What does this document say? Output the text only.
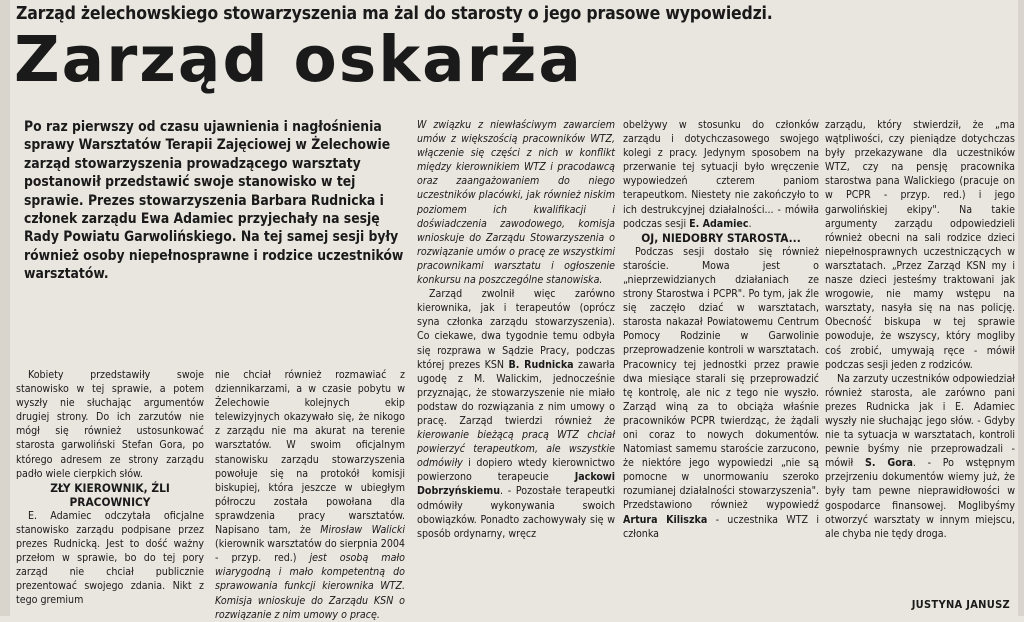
Zarząd żelechowskiego stowarzyszenia ma żal do starosty o jego prasowe wypowiedzi.
Zarząd oskarża

Po raz pierwszy od czasu ujawnienia i nagłośnienia sprawy Warsztatów Terapii Zajęciowej w Żelechowie zarząd stowarzyszenia prowadzącego warsztaty postanowił przedstawić swoje stanowisko w tej sprawie. Prezes stowarzyszenia Barbara Rudnicka i członek zarządu Ewa Adamiec przyjechały na sesję Rady Powiatu Garwolińskiego. Na tej samej sesji były również osoby niepełnosprawne i rodzice uczestników warsztatów.

Kobiety przedstawiły swoje stanowisko w tej sprawie, a potem wyszły nie słuchając argumentów drugiej strony. Do ich zarzutów nie mógł się również ustosunkować starosta garwoliński Stefan Gora, po którego adresem ze strony zarządu padło wiele cierpkich słów.

ZŁY KIEROWNIK, ŹLI PRACOWNICY

E. Adamiec odczytała oficjalne stanowisko zarządu podpisane przez prezes Rudnicką. Jest to dość ważny przełom w sprawie, bo do tej pory zarząd nie chciał publicznie prezentować swojego zdania. Nikt z tego gremium

nie chciał również rozmawiać z dziennikarzami, a w czasie pobytu w Żelechowie kolejnych ekip telewizyjnych okazywało się, że nikogo z zarządu nie ma akurat na terenie warsztatów. W swoim oficjalnym stanowisku zarządu stowarzyszenia powołuje się na protokół komisji biskupiej, która jeszcze w ubiegłym półroczu została powołana dla sprawdzenia pracy warsztatów. Napisano tam, że Mirosław Walicki (kierownik warsztatów do sierpnia 2004 - przyp. red.) jest osobą mało wiarygodną i mało kompetentną do sprawowania funkcji kierownika WTZ. Komisja wnioskuje do Zarządu KSN o rozwiązanie z nim umowy o pracę.

W związku z niewłaściwym zawarciem umów z większością pracowników WTZ, włączenie się części z nich w konflikt między kierownikiem WTZ i pracodawcą oraz zaangażowaniem do niego uczestników placówki, jak również niskim poziomem ich kwalifikacji i doświadczenia zawodowego, komisja wnioskuje do Zarządu Stowarzyszenia o rozwiązanie umów o pracę ze wszystkimi pracownikami warsztatu i ogłoszenie konkursu na poszczególne stanowiska.

Zarząd zwolnił więc zarówno kierownika, jak i terapeutów (oprócz syna członka zarządu stowarzyszenia). Co ciekawe, dwa tygodnie temu odbyła się rozprawa w Sądzie Pracy, podczas której prezes KSN B. Rudnicka zawarła ugodę z M. Walickim, jednocześnie przyznając, że stowarzyszenie nie miało podstaw do rozwiązania z nim umowy o pracę. Zarząd twierdzi również że kierowanie bieżącą pracą WTZ chciał powierzyć terapeutkom, ale wszystkie odmówiły i dopiero wtedy kierownictwo powierzono terapeucie Jackowi Dobrzyńskiemu. - Pozostałe terapeutki odmówiły wykonywania swoich obowiązków. Ponadto zachowywały się w sposób ordynarny, wręcz

obelżywy w stosunku do członków zarządu i dotychczasowego swojego kolegi z pracy. Jedynym sposobem na przerwanie tej sytuacji było wręczenie wypowiedzeń czterem paniom terapeutkom. Niestety nie zakończyło to ich destrukcyjnej działalności... - mówiła podczas sesji E. Adamiec.

OJ, NIEDOBRY STAROSTA...

Podczas sesji dostało się również staroście. Mowa jest o „nieprzewidzianych działaniach ze strony Starostwa i PCPR". Po tym, jak źle się zaczęło dziać w warsztatach, starosta nakazał Powiatowemu Centrum Pomocy Rodzinie w Garwolinie przeprowadzenie kontroli w warsztatach. Pracownicy tej jednostki przez prawie dwa miesiące starali się przeprowadzić tę kontrolę, ale nic z tego nie wyszło. Zarząd winą za to obciąża właśnie pracowników PCPR twierdząc, że żądali oni coraz to nowych dokumentów. Natomiast samemu staroście zarzucono, że niektóre jego wypowiedzi „nie są pomocne w unormowaniu szeroko rozumianej działalności stowarzyszenia". Przedstawiono również wypowiedź Artura Kiliszka - uczestnika WTZ i członka

zarządu, który stwierdził, że „ma wątpliwości, czy pieniądze dotychczas były przekazywane dla uczestników WTZ, czy na pensję pracownika starostwa pana Walickiego (pracuje on w PCPR - przyp. red.) i jego garwolińskiej ekipy". Na takie argumenty zarządu odpowiedzieli również obecni na sali rodzice dzieci niepełnosprawnych uczestniczących w warsztatach. „Przez Zarząd KSN my i nasze dzieci jesteśmy traktowani jak wrogowie, nie mamy wstępu na warsztaty, nasyła się na nas policję. Obecność biskupa w tej sprawie powoduje, że wszyscy, który mogliby coś zrobić, umywają ręce - mówił podczas sesji jeden z rodziców.

Na zarzuty uczestników odpowiedział również starosta, ale zarówno pani prezes Rudnicka jak i E. Adamiec wyszły nie słuchając jego słów. - Gdyby nie ta sytuacja w warsztatach, kontroli pewnie byśmy nie przeprowadzali - mówił S. Gora. - Po wstępnym przejrzeniu dokumentów wiemy już, że były tam pewne nieprawidłowości w gospodarce finansowej. Moglibyśmy otworzyć warsztaty w innym miejscu, ale chyba nie tędy droga.

JUSTYNA JANUSZ
